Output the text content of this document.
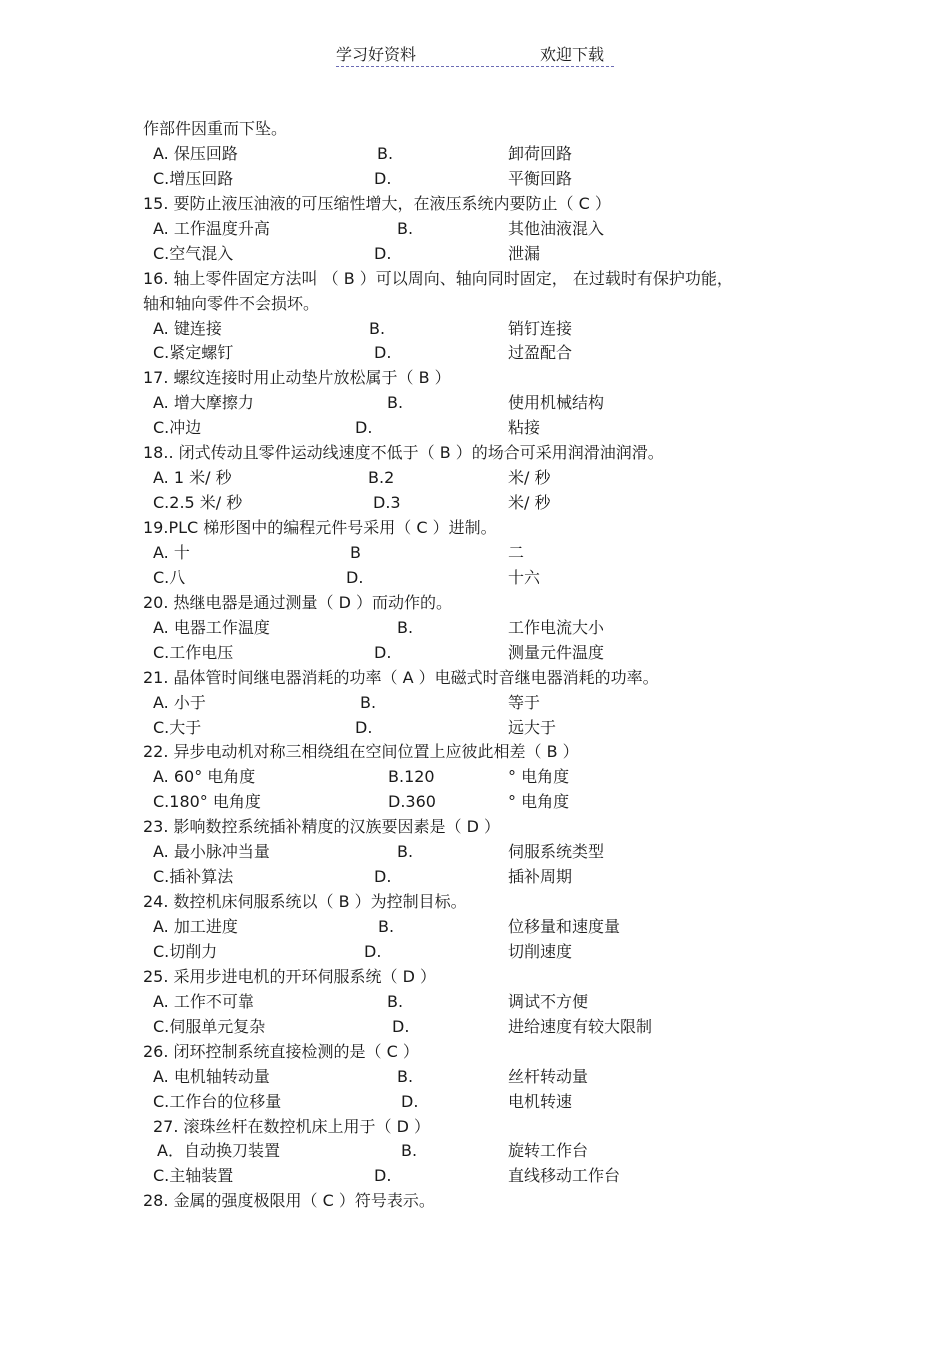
学习好资料	欢迎下载
作部件因重而下坠。
A. 保压回路	B.	卸荷回路
C.增压回路	D.	平衡回路
15. 要防止液压油液的可压缩性增大，在液压系统内要防止（ C ）
A. 工作温度升高	B.	其他油液混入
C.空气混入	D.	泄漏
16. 轴上零件固定方法叫 （ B ）可以周向、轴向同时固定， 在过载时有保护功能，
轴和轴向零件不会损坏。
A. 键连接	B.	销钉连接
C.紧定螺钉	D.	过盈配合
17. 螺纹连接时用止动垫片放松属于（ B ）
A. 增大摩擦力	B.	使用机械结构
C.冲边	D.	粘接
18.. 闭式传动且零件运动线速度不低于（ B ）的场合可采用润滑油润滑。
A. 1 米/ 秒	B.2	米/ 秒
C.2.5 米/ 秒	D.3	米/ 秒
19.PLC 梯形图中的编程元件号采用（ C ）进制。
A. 十	B	二
C.八	D.	十六
20. 热继电器是通过测量（ D ）而动作的。
A. 电器工作温度	B.	工作电流大小
C.工作电压	D.	测量元件温度
21. 晶体管时间继电器消耗的功率（ A ）电磁式时音继电器消耗的功率。
A. 小于	B.	等于
C.大于	D.	远大于
22. 异步电动机对称三相绕组在空间位置上应彼此相差（ B ）
A. 60° 电角度	B.120	° 电角度
C.180° 电角度	D.360	° 电角度
23. 影响数控系统插补精度的汉族要因素是（ D ）
A. 最小脉冲当量	B.	伺服系统类型
C.插补算法	D.	插补周期
24. 数控机床伺服系统以（ B ）为控制目标。
A. 加工进度	B.	位移量和速度量
C.切削力	D.	切削速度
25. 采用步进电机的开环伺服系统（ D ）
A. 工作不可靠	B.	调试不方便
C.伺服单元复杂	D.	进给速度有较大限制
26. 闭环控制系统直接检测的是（ C ）
A. 电机轴转动量	B.	丝杆转动量
C.工作台的位移量	D.	电机转速
27. 滚珠丝杆在数控机床上用于（ D ）
A．自动换刀装置	B.	旋转工作台
C.主轴装置	D.	直线移动工作台
28. 金属的强度极限用（ C ）符号表示。
